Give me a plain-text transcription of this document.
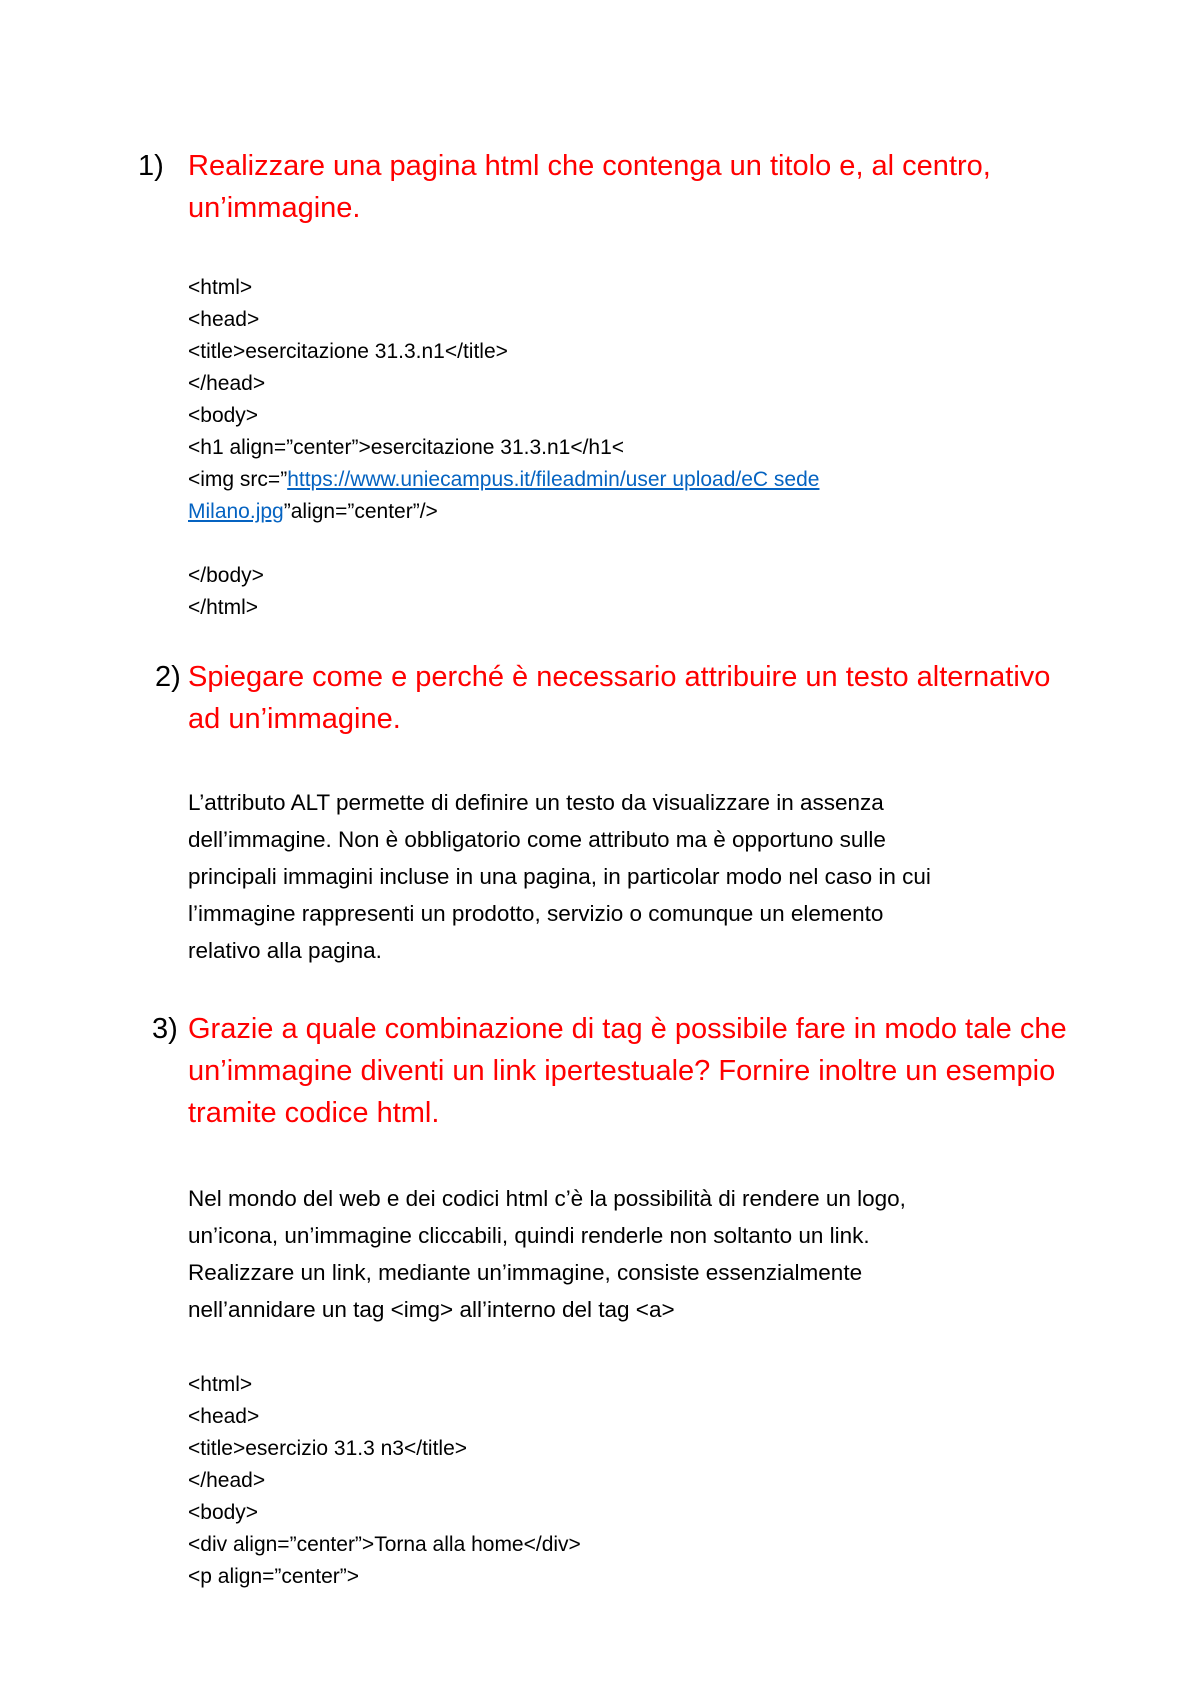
1) Realizzare una pagina html che contenga un titolo e, al centro,
un’immagine.
<html>
<head>
<title>esercitazione 31.3.n1</title>
</head>
<body>
<h1 align=”center”>esercitazione 31.3.n1</h1<
<img src=”https://www.uniecampus.it/fileadmin/user upload/eC sede
Milano.jpg”align=”center”/>
</body>
</html>
2) Spiegare come e perché è necessario attribuire un testo alternativo
ad un’immagine.
L’attributo ALT permette di definire un testo da visualizzare in assenza
dell’immagine. Non è obbligatorio come attributo ma è opportuno sulle
principali immagini incluse in una pagina, in particolar modo nel caso in cui
l’immagine rappresenti un prodotto, servizio o comunque un elemento
relativo alla pagina.
3) Grazie a quale combinazione di tag è possibile fare in modo tale che
un’immagine diventi un link ipertestuale? Fornire inoltre un esempio
tramite codice html.
Nel mondo del web e dei codici html c’è la possibilità di rendere un logo,
un’icona, un’immagine cliccabili, quindi renderle non soltanto un link.
Realizzare un link, mediante un’immagine, consiste essenzialmente
nell’annidare un tag <img> all’interno del tag <a>
<html>
<head>
<title>esercizio 31.3 n3</title>
</head>
<body>
<div align=”center”>Torna alla home</div>
<p align=”center”>
